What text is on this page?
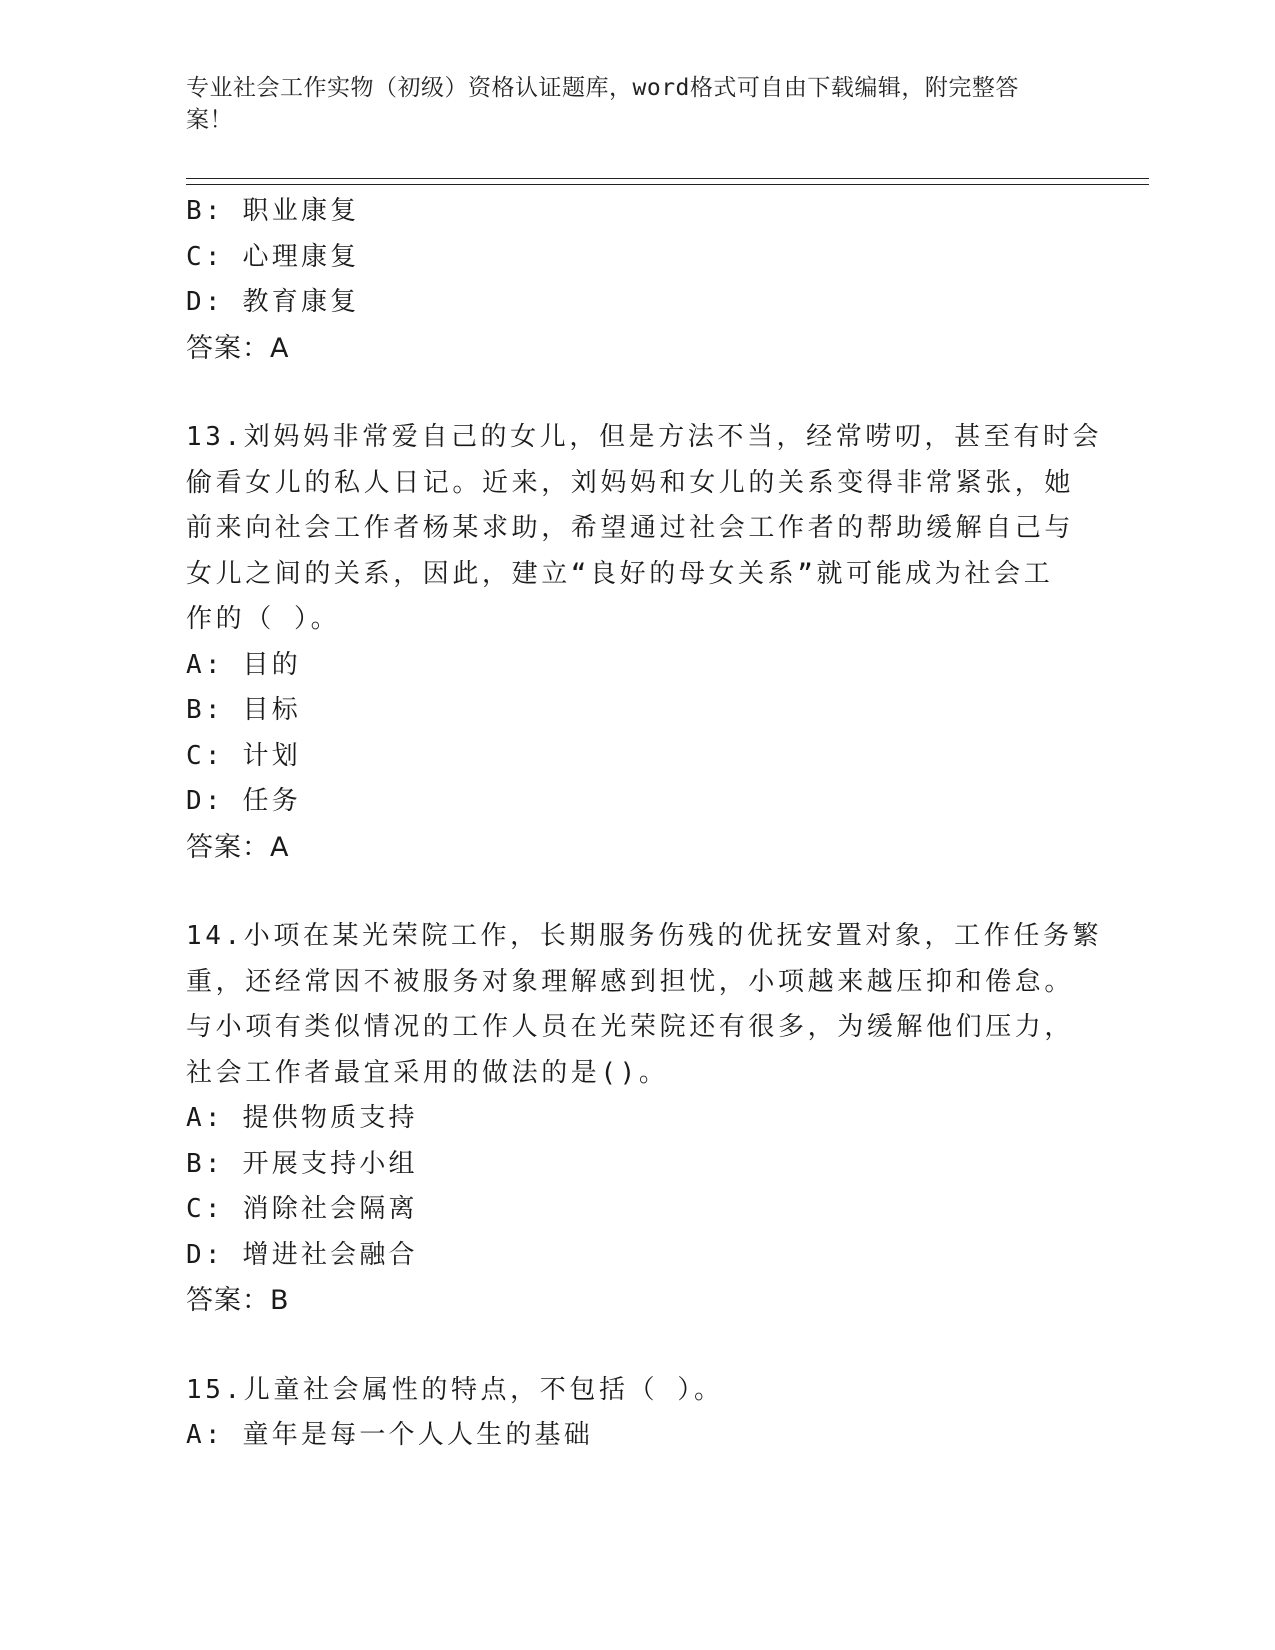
专业社会工作实物（初级）资格认证题库，word格式可自由下载编辑，附完整答
案！
B: 职业康复
C: 心理康复
D: 教育康复
答案：A
13.刘妈妈非常爱自己的女儿，但是方法不当，经常唠叨，甚至有时会
偷看女儿的私人日记。近来，刘妈妈和女儿的关系变得非常紧张，她
前来向社会工作者杨某求助，希望通过社会工作者的帮助缓解自己与
女儿之间的关系，因此，建立“良好的母女关系”就可能成为社会工
作的（ ）。
A: 目的
B: 目标
C: 计划
D: 任务
答案：A
14.小项在某光荣院工作，长期服务伤残的优抚安置对象，工作任务繁
重，还经常因不被服务对象理解感到担忧，小项越来越压抑和倦怠。
与小项有类似情况的工作人员在光荣院还有很多，为缓解他们压力，
社会工作者最宜采用的做法的是()。
A: 提供物质支持
B: 开展支持小组
C: 消除社会隔离
D: 增进社会融合
答案：B
15.儿童社会属性的特点，不包括（ ）。
A: 童年是每一个人人生的基础
